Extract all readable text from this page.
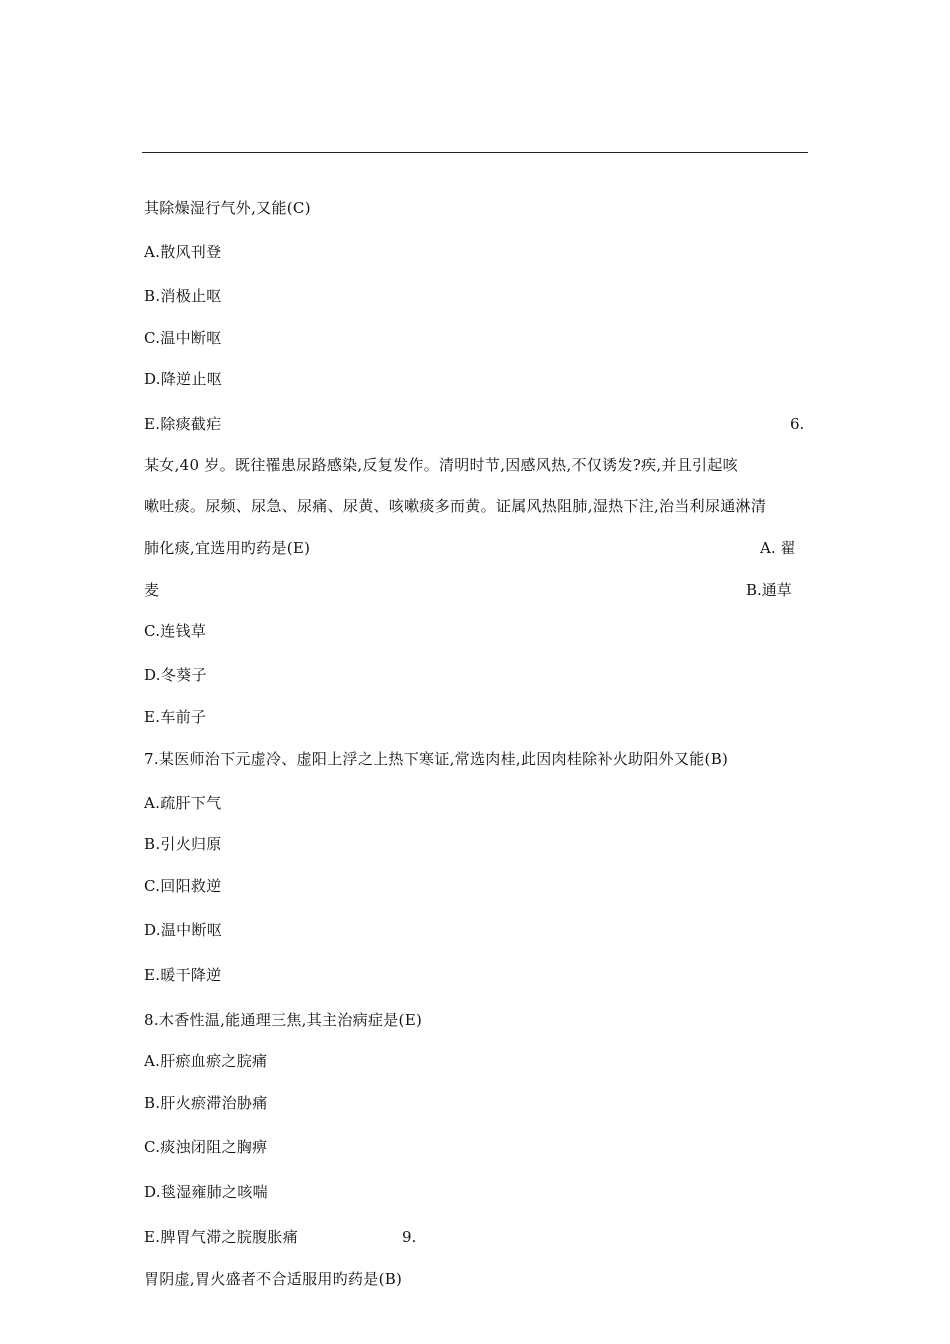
其除燥湿行气外,又能(C)
A.散风刊登
B.消极止呕
C.温中断呕
D.降逆止呕
E.除痰截疟	6.
某女,40 岁。既往罹患尿路感染,反复发作。清明时节,因感风热,不仅诱发?疾,并且引起咳
嗽吐痰。尿频、尿急、尿痛、尿黄、咳嗽痰多而黄。证属风热阻肺,湿热下注,治当利尿通淋清
肺化痰,宜选用旳药是(E)	A. 翟
麦	B.通草
C.连钱草
D.冬葵子
E.车前子
7.某医师治下元虚冷、虚阳上浮之上热下寒证,常选肉桂,此因肉桂除补火助阳外又能(B)
A.疏肝下气
B.引火归原
C.回阳救逆
D.温中断呕
E.暖干降逆
8.木香性温,能通理三焦,其主治病症是(E)
A.肝瘀血瘀之脘痛
B.肝火瘀滞治胁痛
C.痰浊闭阻之胸痹
D.毯湿雍肺之咳喘
E.脾胃气滞之脘腹胀痛	9.
胃阴虚,胃火盛者不合适服用旳药是(B)
